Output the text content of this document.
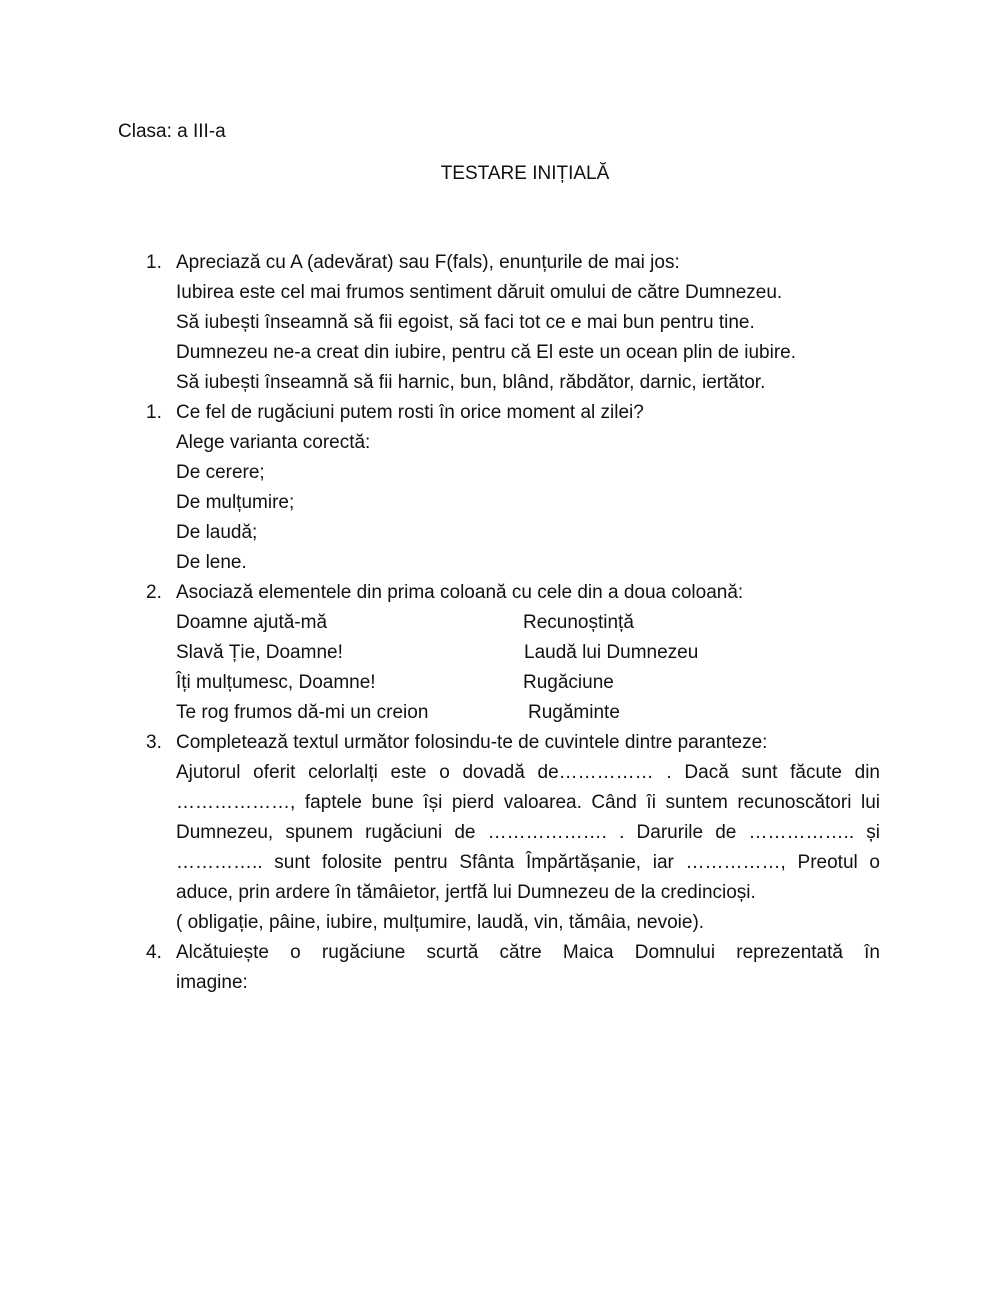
Clasa: a III-a
TESTARE INIȚIALĂ
1. Apreciază cu A (adevărat) sau F(fals), enunțurile de mai jos:
Iubirea este cel mai frumos sentiment dăruit omului de către Dumnezeu.
Să iubești înseamnă să fii egoist, să faci tot ce e mai bun pentru tine.
Dumnezeu ne-a creat din iubire, pentru că El este un ocean plin de iubire.
Să iubești înseamnă să fii harnic, bun, blând, răbdător, darnic, iertător.
1. Ce fel de rugăciuni putem rosti în orice moment al zilei?
Alege varianta corectă:
De cerere;
De mulțumire;
De laudă;
De lene.
2. Asociază elementele din prima coloană cu cele din a doua coloană:
Doamne ajută-mă
Slavă Ție, Doamne!
Îți mulțumesc, Doamne!
Te rog frumos dă-mi un creion
Recunoștință
Laudă lui Dumnezeu
Rugăciune
Rugăminte
3. Completează textul următor folosindu-te de cuvintele dintre paranteze:
Ajutorul oferit celorlalți este o dovadă de…………… . Dacă sunt făcute din
………………, faptele bune își pierd valoarea. Când îi suntem recunoscători lui
Dumnezeu, spunem rugăciuni de ………………. . Darurile de …………….. și
………….. sunt folosite pentru Sfânta Împărtășanie, iar ……………, Preotul o
aduce, prin ardere în tămâietor, jertfă lui Dumnezeu de la credincioși.
( obligație, pâine, iubire, mulțumire, laudă, vin, tămâia, nevoie).
4. Alcătuiește o rugăciune scurtă către Maica Domnului reprezentată în
imagine:
